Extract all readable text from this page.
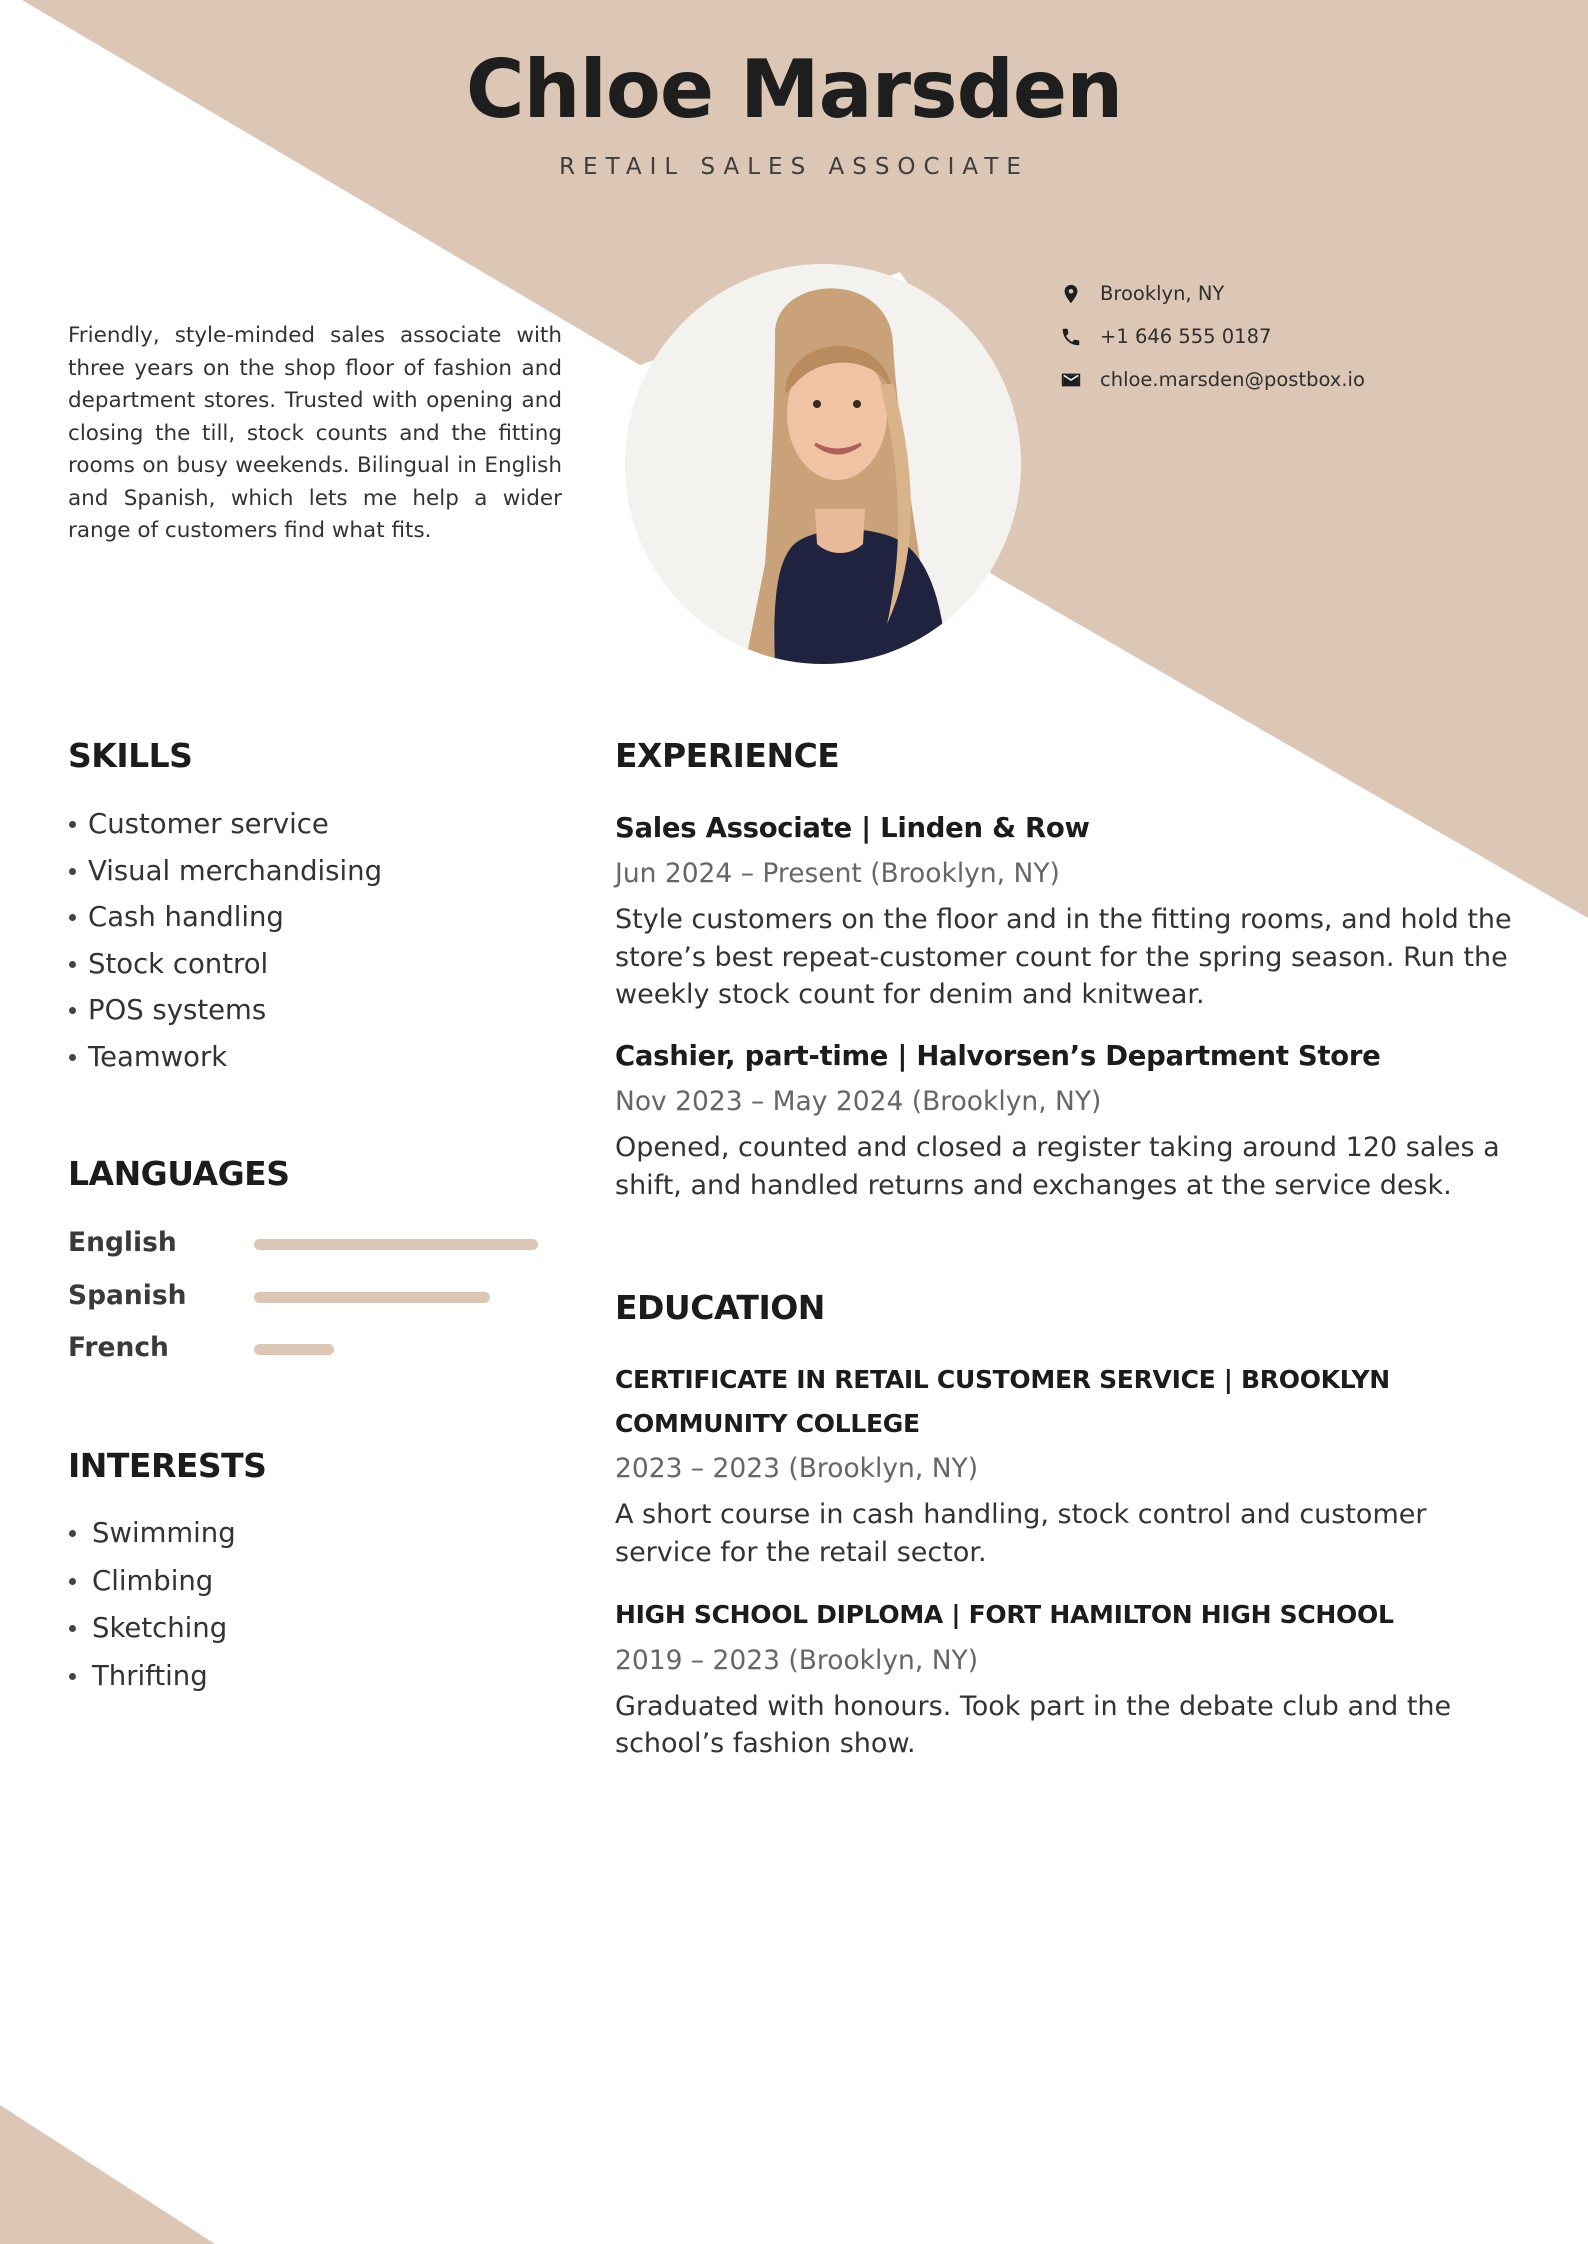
Chloe Marsden
RETAIL SALES ASSOCIATE
Friendly, style-minded sales associate with three years on the shop floor of fashion and department stores. Trusted with opening and closing the till, stock counts and the fitting rooms on busy weekends. Bilingual in English and Spanish, which lets me help a wider range of customers find what fits.
Brooklyn, NY
+1 646 555 0187
chloe.marsden@postbox.io
SKILLS
Customer service
Visual merchandising
Cash handling
Stock control
POS systems
Teamwork
LANGUAGES
English
Spanish
French
INTERESTS
Swimming
Climbing
Sketching
Thrifting
EXPERIENCE
Sales Associate | Linden & Row
Jun 2024 – Present (Brooklyn, NY)
Style customers on the floor and in the fitting rooms, and hold the store’s best repeat-customer count for the spring season. Run the weekly stock count for denim and knitwear.
Cashier, part-time | Halvorsen’s Department Store
Nov 2023 – May 2024 (Brooklyn, NY)
Opened, counted and closed a register taking around 120 sales a shift, and handled returns and exchanges at the service desk.
EDUCATION
CERTIFICATE IN RETAIL CUSTOMER SERVICE | BROOKLYN COMMUNITY COLLEGE
2023 – 2023 (Brooklyn, NY)
A short course in cash handling, stock control and customer service for the retail sector.
HIGH SCHOOL DIPLOMA | FORT HAMILTON HIGH SCHOOL
2019 – 2023 (Brooklyn, NY)
Graduated with honours. Took part in the debate club and the school’s fashion show.
